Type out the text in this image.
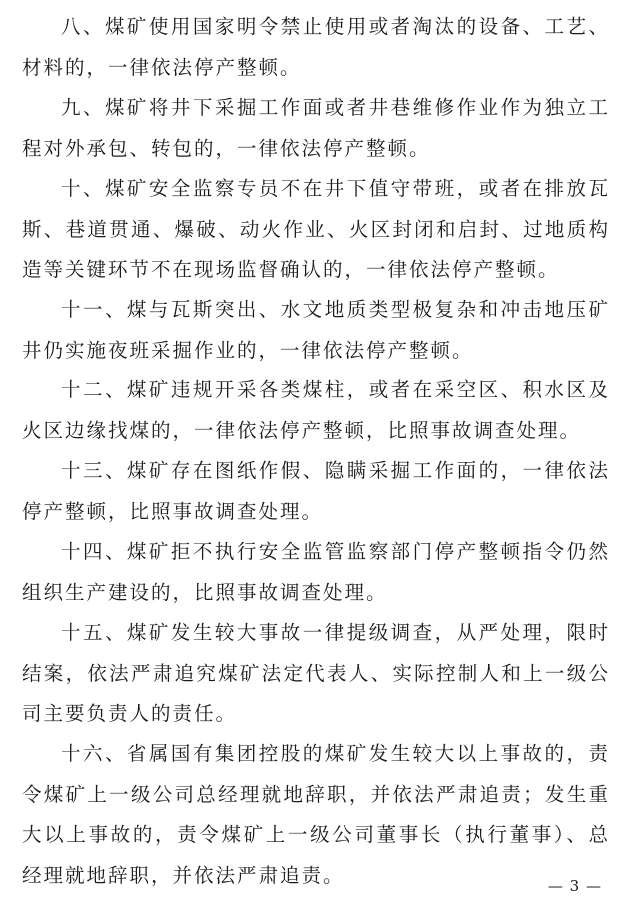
八、煤矿使用国家明令禁止使用或者淘汰的设备、工艺、材料的，一律依法停产整顿。

九、煤矿将井下采掘工作面或者井巷维修作业作为独立工程对外承包、转包的，一律依法停产整顿。

十、煤矿安全监察专员不在井下值守带班，或者在排放瓦斯、巷道贯通、爆破、动火作业、火区封闭和启封、过地质构造等关键环节不在现场监督确认的，一律依法停产整顿。

十一、煤与瓦斯突出、水文地质类型极复杂和冲击地压矿井仍实施夜班采掘作业的，一律依法停产整顿。

十二、煤矿违规开采各类煤柱，或者在采空区、积水区及火区边缘找煤的，一律依法停产整顿，比照事故调查处理。

十三、煤矿存在图纸作假、隐瞒采掘工作面的，一律依法停产整顿，比照事故调查处理。

十四、煤矿拒不执行安全监管监察部门停产整顿指令仍然组织生产建设的，比照事故调查处理。

十五、煤矿发生较大事故一律提级调查，从严处理，限时结案，依法严肃追究煤矿法定代表人、实际控制人和上一级公司主要负责人的责任。

十六、省属国有集团控股的煤矿发生较大以上事故的，责令煤矿上一级公司总经理就地辞职，并依法严肃追责；发生重大以上事故的，责令煤矿上一级公司董事长（执行董事）、总经理就地辞职，并依法严肃追责。	— 3 —
